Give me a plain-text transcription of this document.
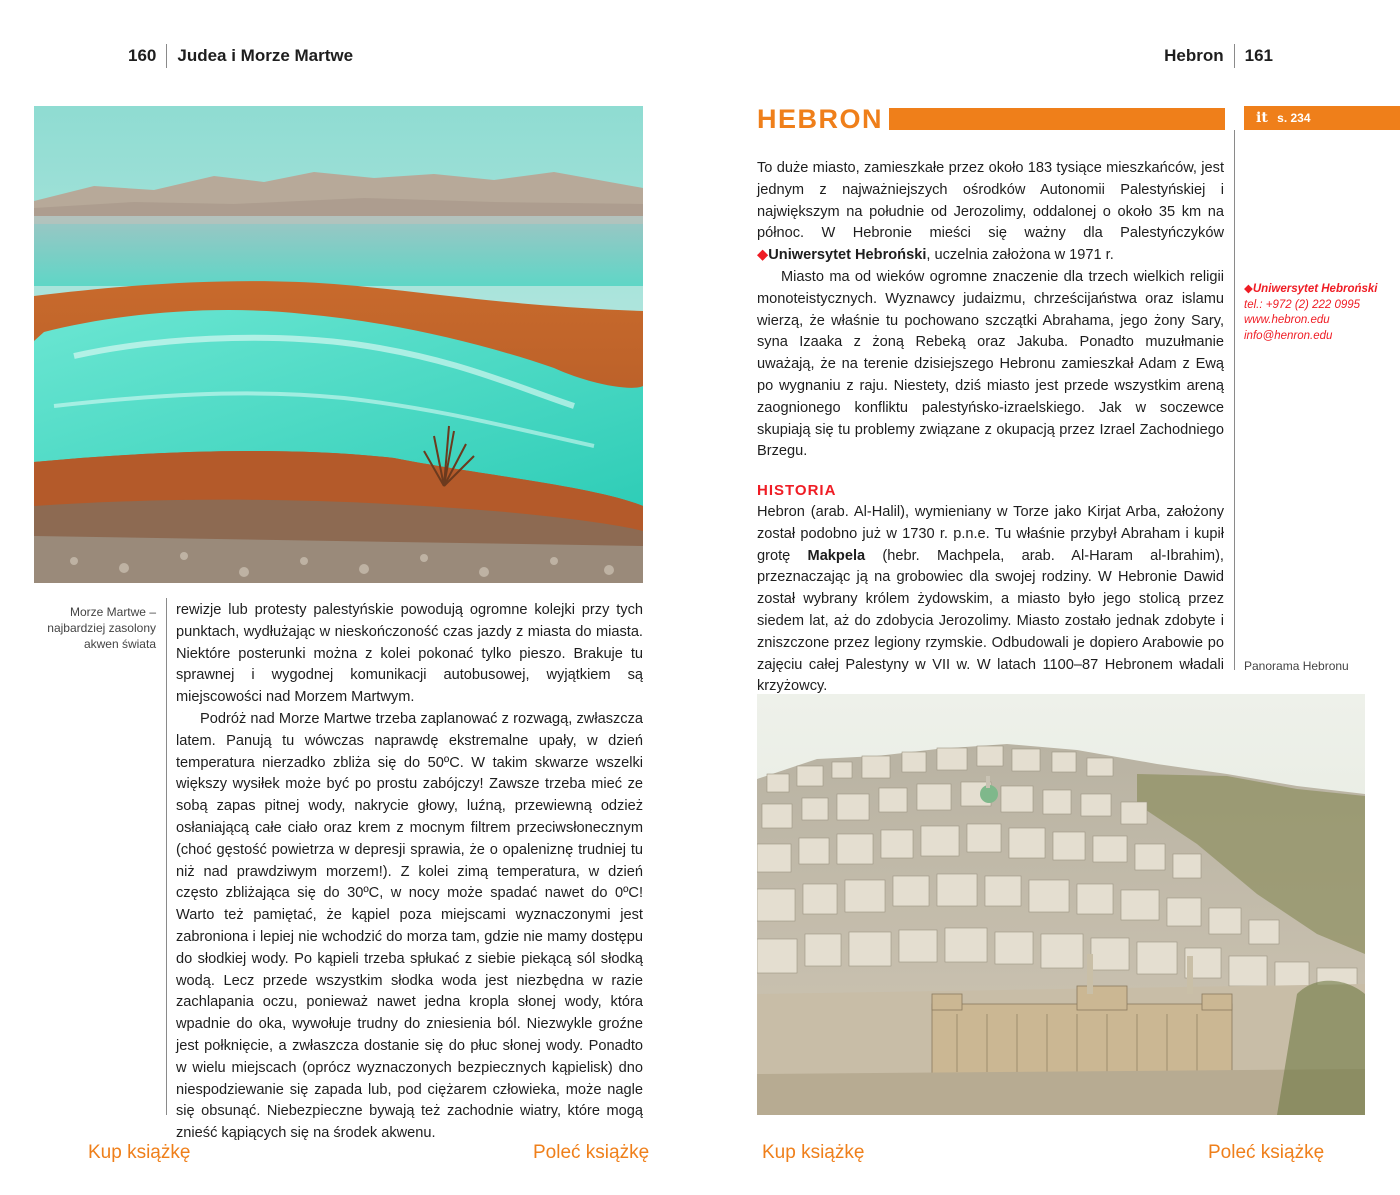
160 Judea i Morze Martwe
Morze Martwe – najbardziej zasolony akwen świata

rewizje lub protesty palestyńskie powodują ogromne kolejki przy tych punktach, wydłużając w nieskończoność czas jazdy z miasta do miasta. Niektóre posterunki można z kolei pokonać tylko pieszo. Brakuje tu sprawnej i wygodnej komunikacji autobusowej, wyjątkiem są miejscowości nad Morzem Martwym.

Podróż nad Morze Martwe trzeba zaplanować z rozwagą, zwłaszcza latem. Panują tu wówczas naprawdę ekstremalne upały, w dzień temperatura nierzadko zbliża się do 50ºC. W takim skwarze wszelki większy wysiłek może być po prostu zabójczy! Zawsze trzeba mieć ze sobą zapas pitnej wody, nakrycie głowy, luźną, przewiewną odzież osłaniającą całe ciało oraz krem z mocnym filtrem przeciwsłonecznym (choć gęstość powietrza w depresji sprawia, że o opaleniznę trudniej tu niż nad prawdziwym morzem!). Z kolei zimą temperatura, w dzień często zbliżająca się do 30ºC, w nocy może spadać nawet do 0ºC! Warto też pamiętać, że kąpiel poza miejscami wyznaczonymi jest zabroniona i lepiej nie wchodzić do morza tam, gdzie nie mamy dostępu do słodkiej wody. Po kąpieli trzeba spłukać z siebie piekącą sól słodką wodą. Lecz przede wszystkim słodka woda jest niezbędna w razie zachlapania oczu, ponieważ nawet jedna kropla słonej wody, która wpadnie do oka, wywołuje trudny do zniesienia ból. Niezwykle groźne jest połknięcie, a zwłaszcza dostanie się do płuc słonej wody. Ponadto w wielu miejscach (oprócz wyznaczonych bezpiecznych kąpielisk) dno niespodziewanie się zapada lub, pod ciężarem człowieka, może nagle się obsunąć. Niebezpieczne bywają też zachodnie wiatry, które mogą znieść kąpiących się na środek akwenu.

Hebron 161
HEBRON	it s. 234

To duże miasto, zamieszkałe przez około 183 tysiące mieszkańców, jest jednym z najważniejszych ośrodków Autonomii Palestyńskiej i największym na południe od Jerozolimy, oddalonej o około 35 km na północ. W Hebronie mieści się ważny dla Palestyńczyków ◆Uniwersytet Hebroński, uczelnia założona w 1971 r.

Miasto ma od wieków ogromne znaczenie dla trzech wielkich religii monoteistycznych. Wyznawcy judaizmu, chrześcijaństwa oraz islamu wierzą, że właśnie tu pochowano szczątki Abrahama, jego żony Sary, syna Izaaka z żoną Rebeką oraz Jakuba. Ponadto muzułmanie uważają, że na terenie dzisiejszego Hebronu zamieszkał Adam z Ewą po wygnaniu z raju. Niestety, dziś miasto jest przede wszystkim areną zaognionego konfliktu palestyńsko-izraelskiego. Jak w soczewce skupiają się tu problemy związane z okupacją przez Izrael Zachodniego Brzegu.

◆Uniwersytet Hebroński
tel.: +972 (2) 222 0995
www.hebron.edu
info@henron.edu
HISTORIA

Hebron (arab. Al-Halil), wymieniany w Torze jako Kirjat Arba, założony został podobno już w 1730 r. p.n.e. Tu właśnie przybył Abraham i kupił grotę Makpela (hebr. Machpela, arab. Al-Haram al-Ibrahim), przeznaczając ją na grobowiec dla swojej rodziny. W Hebronie Dawid został wybrany królem żydowskim, a miasto było jego stolicą przez siedem lat, aż do zdobycia Jerozolimy. Miasto zostało jednak zdobyte i zniszczone przez legiony rzymskie. Odbudowali je dopiero Arabowie po zajęciu całej Palestyny w VII w. W latach 1100–87 Hebronem władali krzyżowcy.

Panorama Hebronu
Kup książkę	Poleć książkę	Kup książkę	Poleć książkę
